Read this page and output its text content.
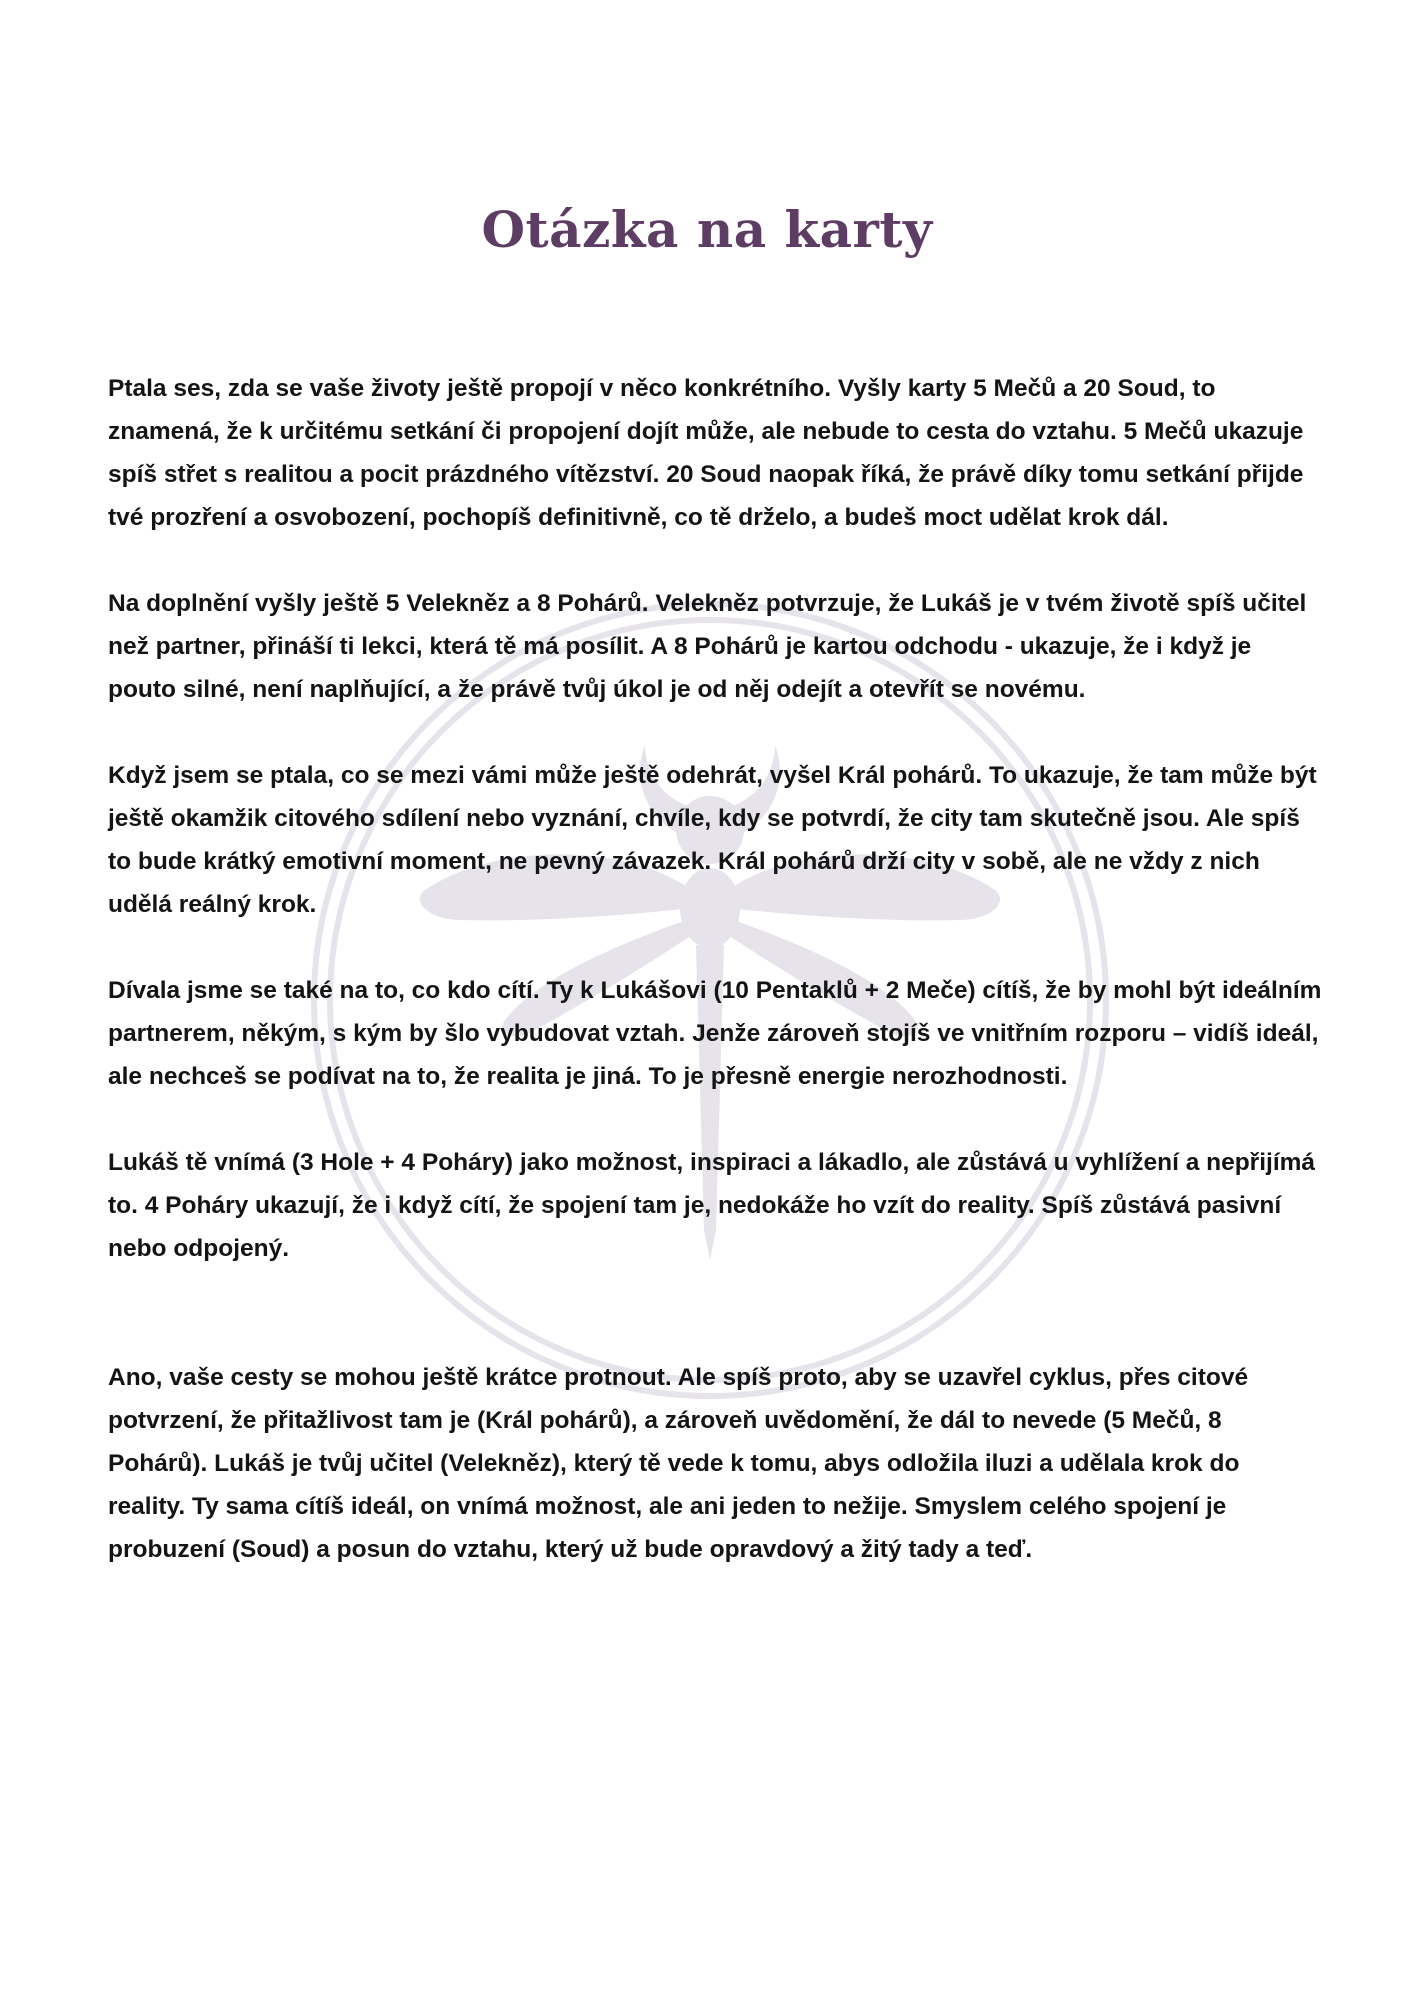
Otázka na karty

Ptala ses, zda se vaše životy ještě propojí v něco konkrétního. Vyšly karty 5 Mečů a 20 Soud, to znamená, že k určitému setkání či propojení dojít může, ale nebude to cesta do vztahu. 5 Mečů ukazuje spíš střet s realitou a pocit prázdného vítězství. 20 Soud naopak říká, že právě díky tomu setkání přijde tvé prozření a osvobození, pochopíš definitivně, co tě drželo, a budeš moct udělat krok dál.

Na doplnění vyšly ještě 5 Velekněz a 8 Pohárů. Velekněz potvrzuje, že Lukáš je v tvém životě spíš učitel než partner, přináší ti lekci, která tě má posílit. A 8 Pohárů je kartou odchodu - ukazuje, že i když je pouto silné, není naplňující, a že právě tvůj úkol je od něj odejít a otevřít se novému.

Když jsem se ptala, co se mezi vámi může ještě odehrát, vyšel Král pohárů. To ukazuje, že tam může být ještě okamžik citového sdílení nebo vyznání, chvíle, kdy se potvrdí, že city tam skutečně jsou. Ale spíš to bude krátký emotivní moment, ne pevný závazek. Král pohárů drží city v sobě, ale ne vždy z nich udělá reálný krok.

Dívala jsme se také na to, co kdo cítí. Ty k Lukášovi (10 Pentaklů + 2 Meče) cítíš, že by mohl být ideálním partnerem, někým, s kým by šlo vybudovat vztah. Jenže zároveň stojíš ve vnitřním rozporu – vidíš ideál, ale nechceš se podívat na to, že realita je jiná. To je přesně energie nerozhodnosti.

Lukáš tě vnímá (3 Hole + 4 Poháry) jako možnost, inspiraci a lákadlo, ale zůstává u vyhlížení a nepřijímá to. 4 Poháry ukazují, že i když cítí, že spojení tam je, nedokáže ho vzít do reality. Spíš zůstává pasivní nebo odpojený.

Ano, vaše cesty se mohou ještě krátce protnout. Ale spíš proto, aby se uzavřel cyklus, přes citové potvrzení, že přitažlivost tam je (Král pohárů), a zároveň uvědomění, že dál to nevede (5 Mečů, 8 Pohárů). Lukáš je tvůj učitel (Velekněz), který tě vede k tomu, abys odložila iluzi a udělala krok do reality. Ty sama cítíš ideál, on vnímá možnost, ale ani jeden to nežije. Smyslem celého spojení je probuzení (Soud) a posun do vztahu, který už bude opravdový a žitý tady a teď.
